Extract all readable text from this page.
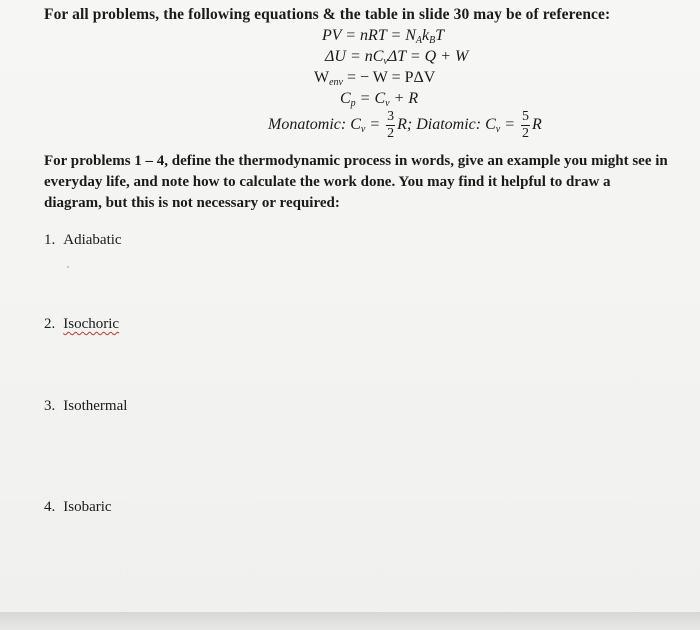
For all problems, the following equations & the table in slide 30 may be of reference:
PV = nRT = $N_Ak_BT$
$\Delta U = nC_v\Delta T = Q + W$
$W_{env}$ = − W = PΔV
$C_p = C_v + R$
Monatomic: $C_v = \frac{3}{2} R$; Diatomic: $C_v = \frac{5}{2}$ R
For problems 1 – 4, define the thermodynamic process in words, give an example you might see in everyday life, and note how to calculate the work done. You may find it helpful to draw a diagram, but this is not necessary or required:
1. Adiabatic
2. Isochoric
3. Isothermal
4. Isobaric
